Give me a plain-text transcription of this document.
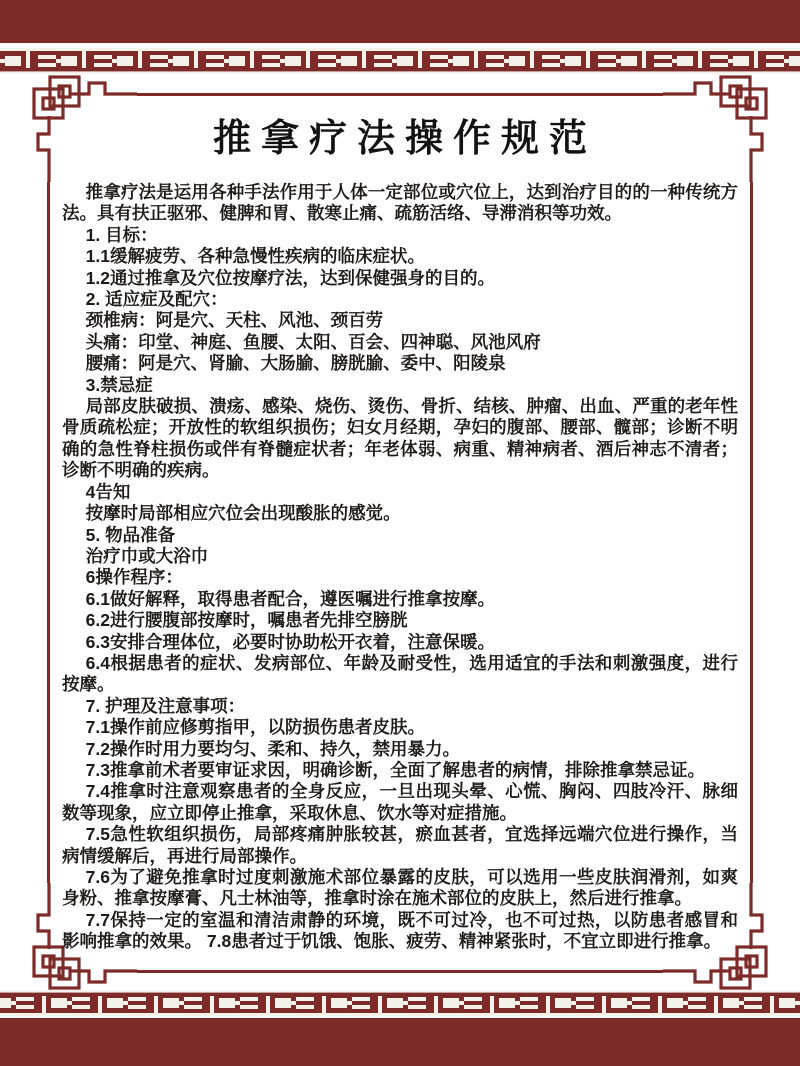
推拿疗法操作规范

推拿疗法是运用各种手法作用于人体一定部位或穴位上，达到治疗目的的一种传统方法。具有扶正驱邪、健脾和胃、散寒止痛、疏筋活络、导滞消积等功效。

1. 目标：

1.1缓解疲劳、各种急慢性疾病的临床症状。

1.2通过推拿及穴位按摩疗法，达到保健强身的目的。

2. 适应症及配穴：

颈椎病：阿是穴、天柱、风池、颈百劳

头痛：印堂、神庭、鱼腰、太阳、百会、四神聪、风池风府

腰痛：阿是穴、肾腧、大肠腧、膀胱腧、委中、阳陵泉

3.禁忌症

局部皮肤破损、溃疡、感染、烧伤、烫伤、骨折、结核、肿瘤、出血、严重的老年性骨质疏松症；开放性的软组织损伤；妇女月经期，孕妇的腹部、腰部、髋部；诊断不明确的急性脊柱损伤或伴有脊髓症状者；年老体弱、病重、精神病者、酒后神志不清者；诊断不明确的疾病。

4告知

按摩时局部相应穴位会出现酸胀的感觉。

5. 物品准备

治疗巾或大浴巾

6操作程序：

6.1做好解释，取得患者配合，遵医嘱进行推拿按摩。

6.2进行腰腹部按摩时，嘱患者先排空膀胱

6.3安排合理体位，必要时协助松开衣着，注意保暖。

6.4根据患者的症状、发病部位、年龄及耐受性，选用适宜的手法和刺激强度，进行按摩。

7. 护理及注意事项：

7.1操作前应修剪指甲，以防损伤患者皮肤。

7.2操作时用力要均匀、柔和、持久，禁用暴力。

7.3推拿前术者要审证求因，明确诊断，全面了解患者的病情，排除推拿禁忌证。

7.4推拿时注意观察患者的全身反应，一旦出现头晕、心慌、胸闷、四肢冷汗、脉细数等现象，应立即停止推拿，采取休息、饮水等对症措施。

7.5急性软组织损伤，局部疼痛肿胀较甚，瘀血甚者，宜选择远端穴位进行操作，当病情缓解后，再进行局部操作。

7.6为了避免推拿时过度刺激施术部位暴露的皮肤，可以选用一些皮肤润滑剂，如爽身粉、推拿按摩膏、凡士林油等，推拿时涂在施术部位的皮肤上，然后进行推拿。

7.7保持一定的室温和清洁肃静的环境，既不可过冷，也不可过热，以防患者感冒和影响推拿的效果。 7.8患者过于饥饿、饱胀、疲劳、精神紧张时，不宜立即进行推拿。
